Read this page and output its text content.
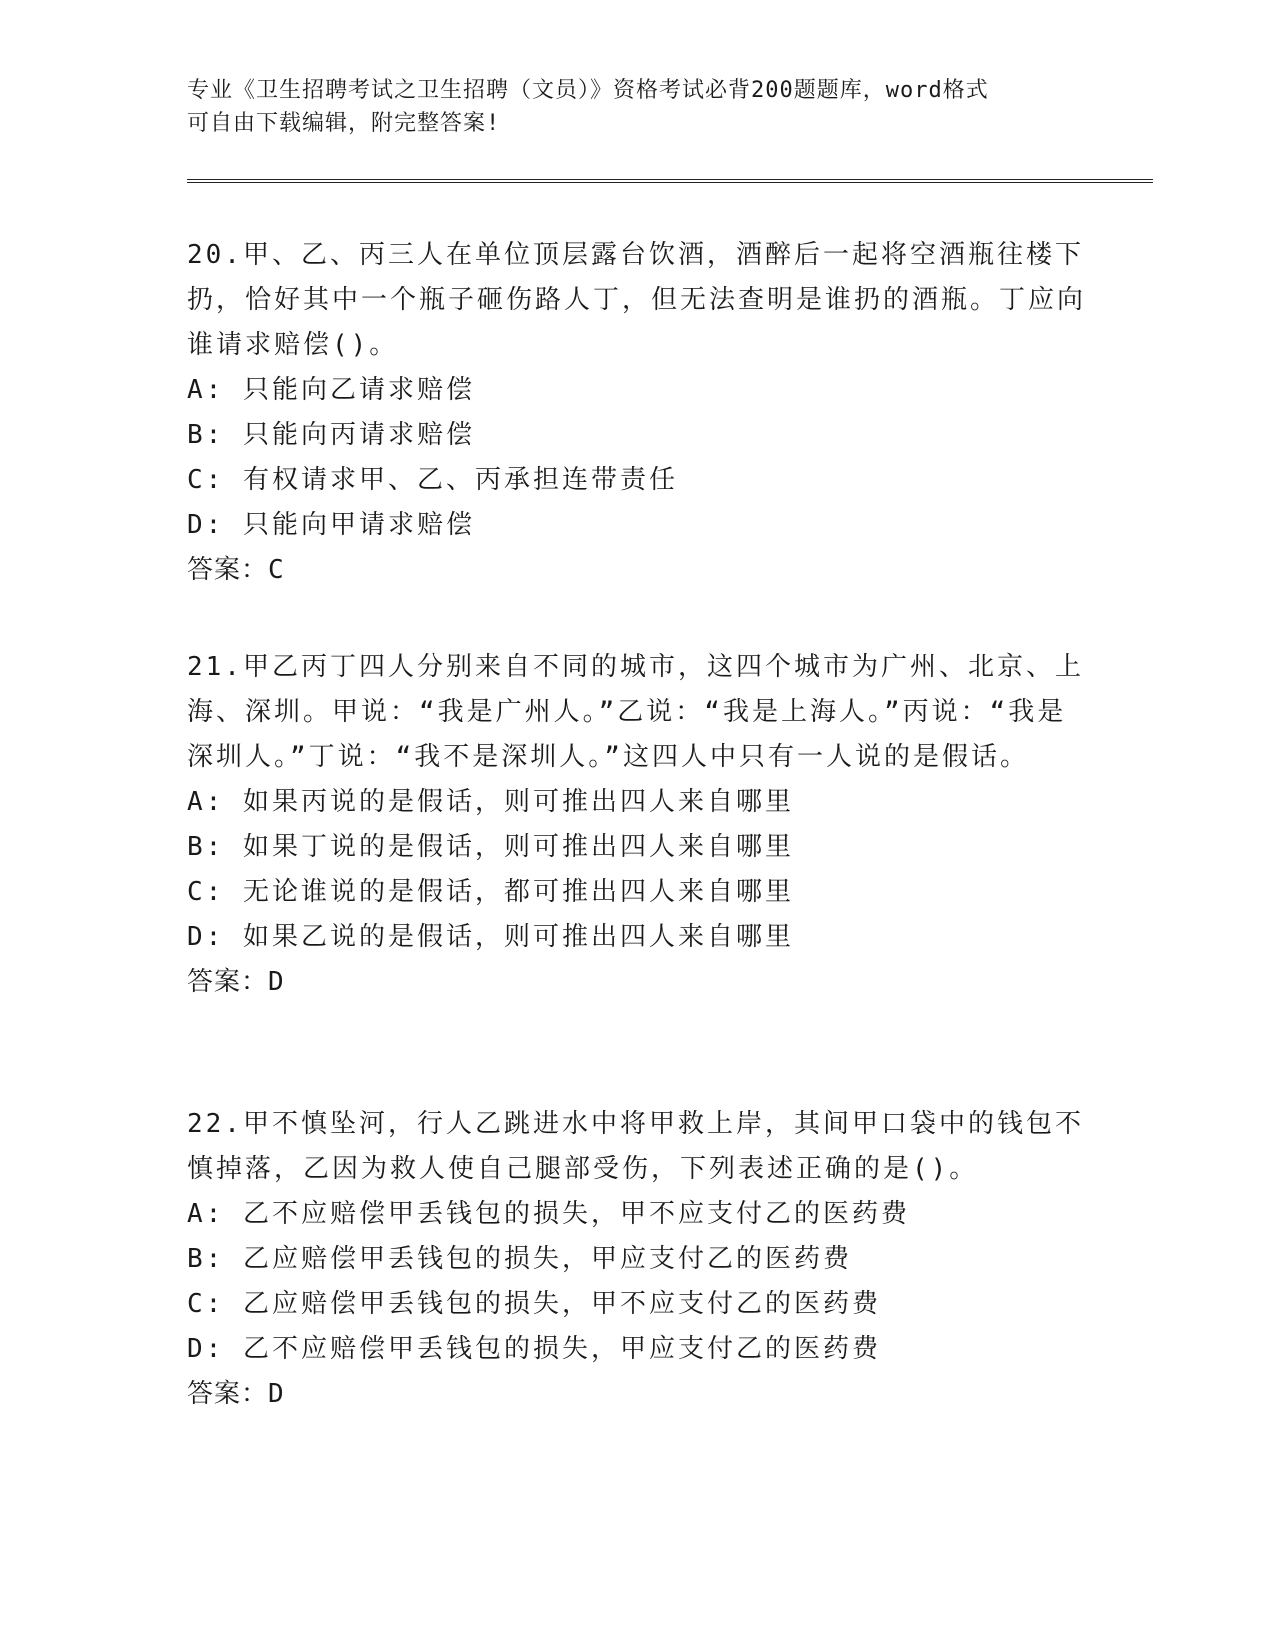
专业《卫生招聘考试之卫生招聘（文员）》资格考试必背200题题库，word格式
可自由下载编辑，附完整答案!

20.甲、乙、丙三人在单位顶层露台饮酒，酒醉后一起将空酒瓶往楼下扔，恰好其中一个瓶子砸伤路人丁，但无法查明是谁扔的酒瓶。丁应向谁请求赔偿()。

A: 只能向乙请求赔偿

B: 只能向丙请求赔偿

C: 有权请求甲、乙、丙承担连带责任

D: 只能向甲请求赔偿

答案：C

21.甲乙丙丁四人分别来自不同的城市，这四个城市为广州、北京、上海、深圳。甲说：“我是广州人。”乙说：“我是上海人。”丙说：“我是深圳人。”丁说：“我不是深圳人。”这四人中只有一人说的是假话。

A: 如果丙说的是假话，则可推出四人来自哪里

B: 如果丁说的是假话，则可推出四人来自哪里

C: 无论谁说的是假话，都可推出四人来自哪里

D: 如果乙说的是假话，则可推出四人来自哪里

答案：D

22.甲不慎坠河，行人乙跳进水中将甲救上岸，其间甲口袋中的钱包不慎掉落，乙因为救人使自己腿部受伤，下列表述正确的是()。

A: 乙不应赔偿甲丢钱包的损失，甲不应支付乙的医药费

B: 乙应赔偿甲丢钱包的损失，甲应支付乙的医药费

C: 乙应赔偿甲丢钱包的损失，甲不应支付乙的医药费

D: 乙不应赔偿甲丢钱包的损失，甲应支付乙的医药费

答案：D
